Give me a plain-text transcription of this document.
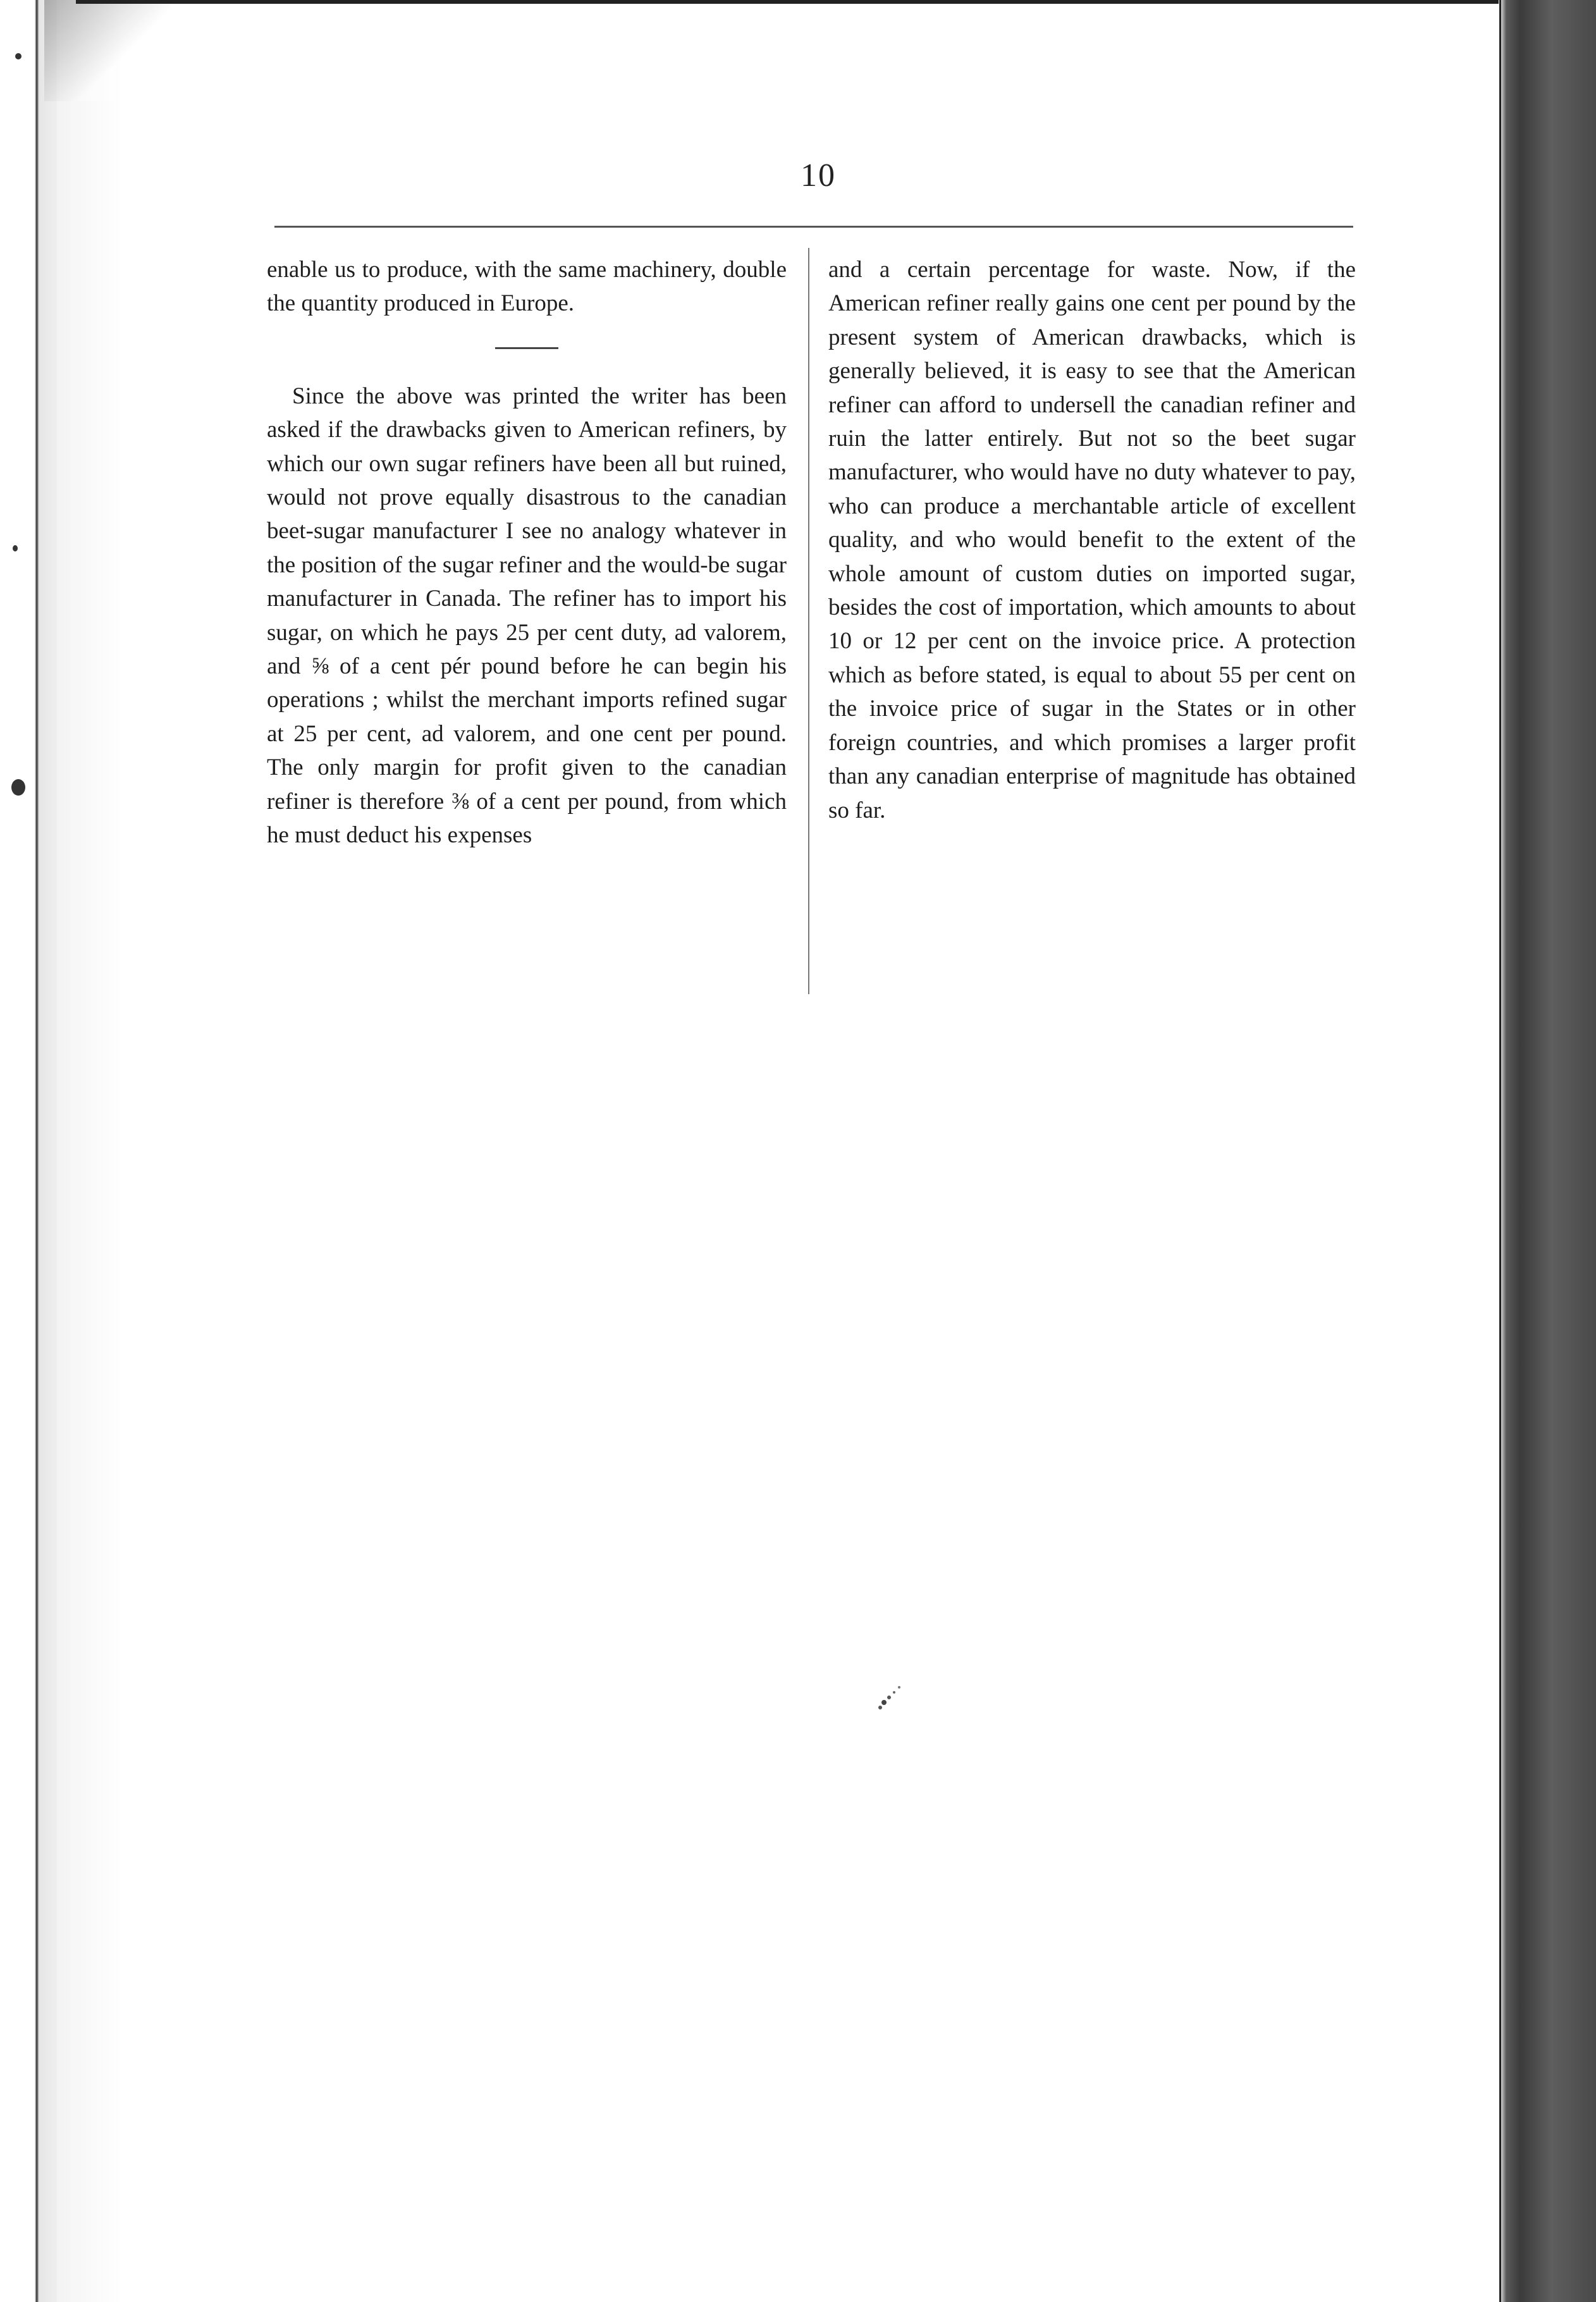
10

enable us to produce, with the same machinery, double the quantity produced in Europe.

Since the above was printed the writer has been asked if the drawbacks given to American refiners, by which our own sugar refiners have been all but ruined, would not prove equally disastrous to the canadian beet-sugar manufacturer I see no analogy whatever in the position of the sugar refiner and the would-be sugar manufacturer in Canada. The refiner has to import his sugar, on which he pays 25 per cent duty, ad valorem, and ⅝ of a cent pér pound before he can begin his operations ; whilst the merchant imports refined sugar at 25 per cent, ad valorem, and one cent per pound. The only margin for profit given to the canadian refiner is therefore ⅜ of a cent per pound, from which he must deduct his expenses

and a certain percentage for waste. Now, if the American refiner really gains one cent per pound by the present system of American drawbacks, which is generally believed, it is easy to see that the American refiner can afford to undersell the canadian refiner and ruin the latter entirely. But not so the beet sugar manufacturer, who would have no duty whatever to pay, who can produce a merchantable article of excellent quality, and who would benefit to the extent of the whole amount of custom duties on imported sugar, besides the cost of importation, which amounts to about 10 or 12 per cent on the invoice price. A protection which as before stated, is equal to about 55 per cent on the invoice price of sugar in the States or in other foreign countries, and which promises a larger profit than any canadian enterprise of magnitude has obtained so far.
